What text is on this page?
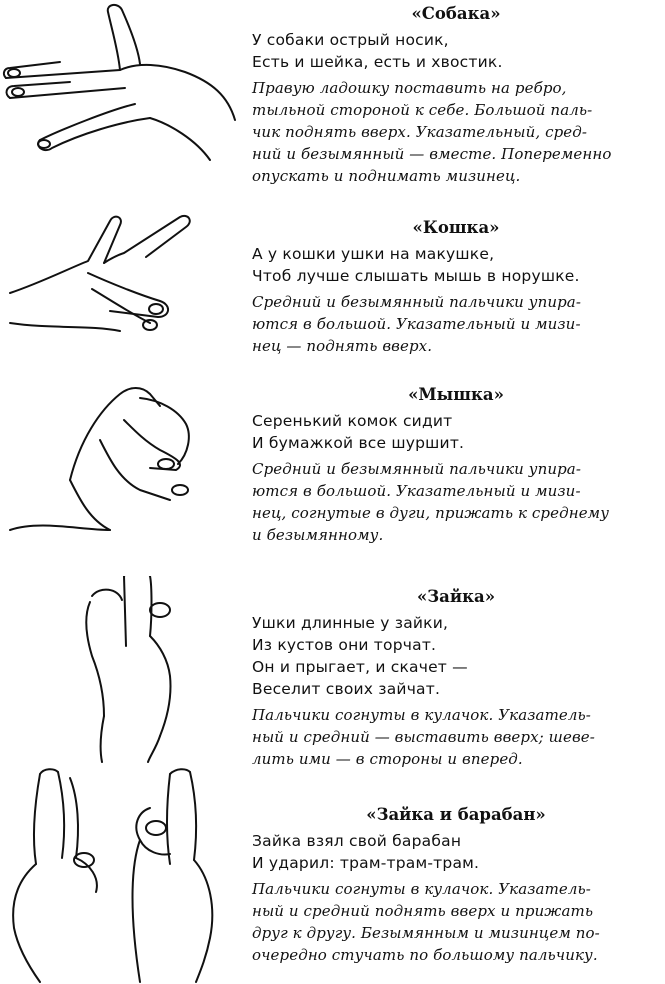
«Собака»
У собаки острый носик,
Есть и шейка, есть и хвостик.
Правую ладошку поставить на ребро,
тыльной стороной к себе. Большой паль-
чик поднять вверх. Указательный, сред-
ний и безымянный — вместе. Попеременно
опускать и поднимать мизинец.
«Кошка»
А у кошки ушки на макушке,
Чтоб лучше слышать мышь в норушке.
Средний и безымянный пальчики упира-
ются в большой. Указательный и мизи-
нец — поднять вверх.
«Мышка»
Серенький комок сидит
И бумажкой все шуршит.
Средний и безымянный пальчики упира-
ются в большой. Указательный и мизи-
нец, согнутые в дуги, прижать к среднему
и безымянному.
«Зайка»
Ушки длинные у зайки,
Из кустов они торчат.
Он и прыгает, и скачет —
Веселит своих зайчат.
Пальчики согнуты в кулачок. Указатель-
ный и средний — выставить вверх; шеве-
лить ими — в стороны и вперед.
«Зайка и барабан»
Зайка взял свой барабан
И ударил: трам-трам-трам.
Пальчики согнуты в кулачок. Указатель-
ный и средний поднять вверх и прижать
друг к другу. Безымянным и мизинцем по-
очередно стучать по большому пальчику.
